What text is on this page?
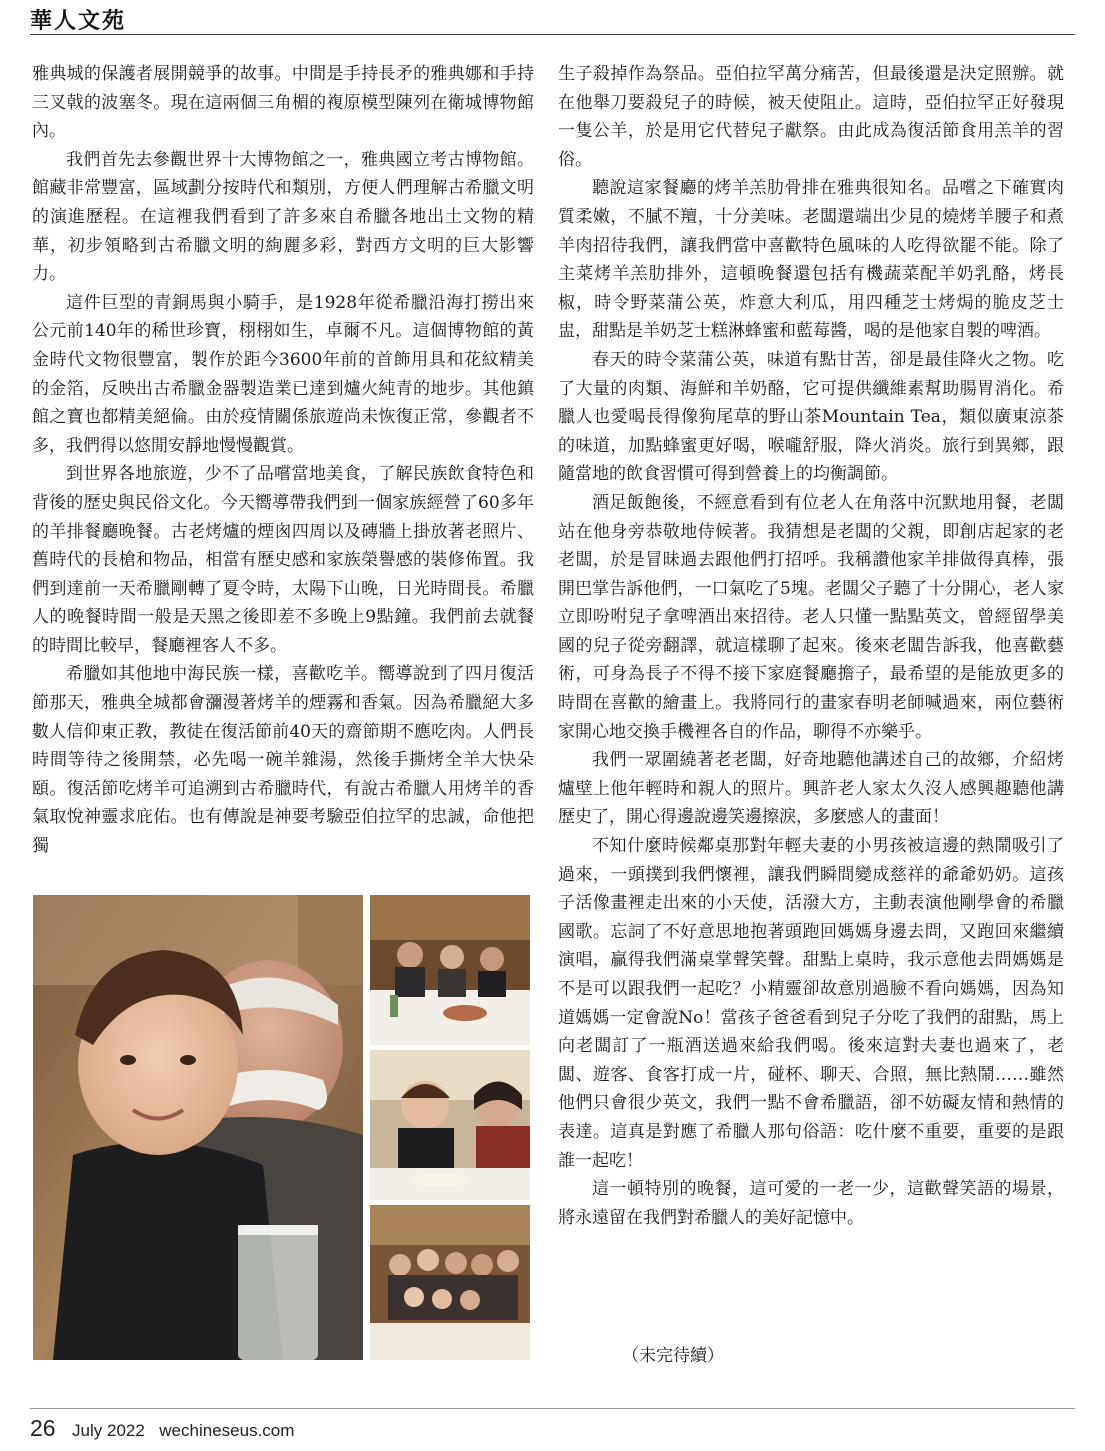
華人文苑

雅典城的保護者展開競爭的故事。中間是手持長矛的雅典娜和手持三叉戟的波塞冬。現在這兩個三角楣的複原模型陳列在衛城博物館內。

我們首先去參觀世界十大博物館之一，雅典國立考古博物館。館藏非常豐富，區域劃分按時代和類別，方便人們理解古希臘文明的演進歷程。在這裡我們看到了許多來自希臘各地出土文物的精華，初步領略到古希臘文明的絢麗多彩，對西方文明的巨大影響力。

這件巨型的青銅馬與小騎手，是1928年從希臘沿海打撈出來公元前140年的稀世珍寶，栩栩如生，卓爾不凡。這個博物館的黃金時代文物很豐富，製作於距今3600年前的首飾用具和花紋精美的金箔，反映出古希臘金器製造業已達到爐火純青的地步。其他鎮館之寶也都精美絕倫。由於疫情關係旅遊尚未恢復正常，參觀者不多，我們得以悠閒安靜地慢慢觀賞。

到世界各地旅遊，少不了品嚐當地美食，了解民族飲食特色和背後的歷史與民俗文化。今天嚮導帶我們到一個家族經營了60多年的羊排餐廳晚餐。古老烤爐的煙囪四周以及磚牆上掛放著老照片、舊時代的長槍和物品，相當有歷史感和家族榮譽感的裝修佈置。我們到達前一天希臘剛轉了夏令時，太陽下山晚，日光時間長。希臘人的晚餐時間一般是天黑之後即差不多晚上9點鐘。我們前去就餐的時間比較早，餐廳裡客人不多。

希臘如其他地中海民族一樣，喜歡吃羊。嚮導說到了四月復活節那天，雅典全城都會瀰漫著烤羊的煙霧和香氣。因為希臘絕大多數人信仰東正教，教徒在復活節前40天的齋節期不應吃肉。人們長時間等待之後開禁，必先喝一碗羊雜湯，然後手撕烤全羊大快朵頤。復活節吃烤羊可追溯到古希臘時代，有說古希臘人用烤羊的香氣取悅神靈求庇佑。也有傳說是神要考驗亞伯拉罕的忠誠，命他把獨

生子殺掉作為祭品。亞伯拉罕萬分痛苦，但最後還是決定照辦。就在他舉刀要殺兒子的時候，被天使阻止。這時，亞伯拉罕正好發現一隻公羊，於是用它代替兒子獻祭。由此成為復活節食用羔羊的習俗。

聽說這家餐廳的烤羊羔肋骨排在雅典很知名。品嚐之下確實肉質柔嫩，不膩不羶，十分美味。老闆還端出少見的燒烤羊腰子和煮羊肉招待我們，讓我們當中喜歡特色風味的人吃得欲罷不能。除了主菜烤羊羔肋排外，這頓晚餐還包括有機蔬菜配羊奶乳酪，烤長椒，時令野菜蒲公英，炸意大利瓜，用四種芝士烤焗的脆皮芝士盅，甜點是羊奶芝士糕淋蜂蜜和藍莓醬，喝的是他家自製的啤酒。

春天的時令菜蒲公英，味道有點甘苦，卻是最佳降火之物。吃了大量的肉類、海鮮和羊奶酪，它可提供纖維素幫助腸胃消化。希臘人也愛喝長得像狗尾草的野山茶Mountain Tea，類似廣東涼茶的味道，加點蜂蜜更好喝，喉嚨舒服，降火消炎。旅行到異鄉，跟隨當地的飲食習慣可得到營養上的均衡調節。

酒足飯飽後，不經意看到有位老人在角落中沉默地用餐，老闆站在他身旁恭敬地侍候著。我猜想是老闆的父親，即創店起家的老老闆，於是冒昧過去跟他們打招呼。我稱讚他家羊排做得真棒，張開巴掌告訴他們，一口氣吃了5塊。老闆父子聽了十分開心，老人家立即吩咐兒子拿啤酒出來招待。老人只懂一點點英文，曾經留學美國的兒子從旁翻譯，就這樣聊了起來。後來老闆告訴我，他喜歡藝術，可身為長子不得不接下家庭餐廳擔子，最希望的是能放更多的時間在喜歡的繪畫上。我將同行的畫家春明老師喊過來，兩位藝術家開心地交換手機裡各自的作品，聊得不亦樂乎。

我們一眾圍繞著老老闆，好奇地聽他講述自己的故鄉，介紹烤爐壁上他年輕時和親人的照片。興許老人家太久沒人感興趣聽他講歷史了，開心得邊說邊笑邊擦淚，多麼感人的畫面！

不知什麼時候鄰桌那對年輕夫妻的小男孩被這邊的熱鬧吸引了過來，一頭撲到我們懷裡，讓我們瞬間變成慈祥的爺爺奶奶。這孩子活像畫裡走出來的小天使，活潑大方，主動表演他剛學會的希臘國歌。忘詞了不好意思地抱著頭跑回媽媽身邊去問，又跑回來繼續演唱，贏得我們滿桌掌聲笑聲。甜點上桌時，我示意他去問媽媽是不是可以跟我們一起吃？小精靈卻故意別過臉不看向媽媽，因為知道媽媽一定會說No！當孩子爸爸看到兒子分吃了我們的甜點，馬上向老闆訂了一瓶酒送過來給我們喝。後來這對夫妻也過來了，老闆、遊客、食客打成一片，碰杯、聊天、合照，無比熱鬧……雖然他們只會很少英文，我們一點不會希臘語，卻不妨礙友情和熱情的表達。這真是對應了希臘人那句俗語：吃什麼不重要，重要的是跟誰一起吃！

這一頓特別的晚餐，這可愛的一老一少，這歡聲笑語的場景，將永遠留在我們對希臘人的美好記憶中。

（未完待續）
26 July 2022 wechineseus.com
